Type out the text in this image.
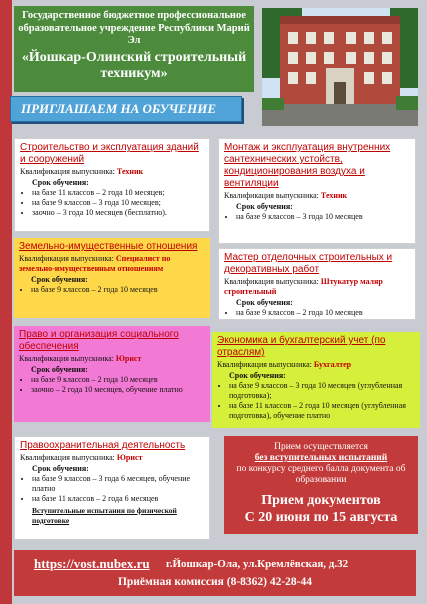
Государственное бюджетное профессиональное образовательное учреждение Республики Марий Эл
«Йошкар-Олинский строительный техникум»
ПРИГЛАШАЕМ НА ОБУЧЕНИЕ
Строительство и эксплуатация зданий и сооружений
Квалификация выпускника: Техник
Срок обучения:
• на базе 11 классов – 2 года 10 месяцев;
• на базе 9 классов – 3 года 10 месяцев;
• заочно – 3 года 10 месяцев (бесплатно).
Монтаж и эксплуатация внутренних сантехнических устойств, кондиционирования воздуха и вентиляции
Квалификация выпускника: Техник
Срок обучения:
• на базе 9 классов – 3 года 10 месяцев
Земельно-имущественные отношения
Квалификация выпускника: Специалист по земельно-имущественным отношениям
Срок обучения:
• на базе 9 классов – 2 года 10 месяцев
Мастер отделочных строительных и декоративных работ
Квалификация выпускника: Штукатур маляр строительный
Срок обучения:
• на базе 9 классов – 2 года 10 месяцев
Право и организация социального обеспечения
Квалификация выпускника: Юрист
Срок обучения:
• на базе 9 классов – 2 года 10 месяцев
• заочно – 2 года 10 месяцев, обучение платно
Экономика и бухгалтерский учет (по отраслям)
Квалификация выпускника: Бухгалтер
Срок обучения:
• на базе 9 классов – 3 года 10 месяцев (углубленная подготовка);
• на базе 11 классов – 2 года 10 месяцев (углубленная подготовка), обучение платно
Правоохранительная деятельность
Квалификация выпускника: Юрист
Срок обучения:
• на базе 9 классов – 3 года 6 месяцев, обучение платно
• на базе 11 классов – 2 года 6 месяцев
Вступительные испытания по физической подготовке
Прием осуществляется
без вступительных испытаний
по конкурсу среднего балла документа об образовании
Прием документов
С 20 июня по 15 августа
https://vost.nubex.ru г.Йошкар-Ола, ул.Кремлёвская, д.32
Приёмная комиссия (8-8362) 42-28-44
